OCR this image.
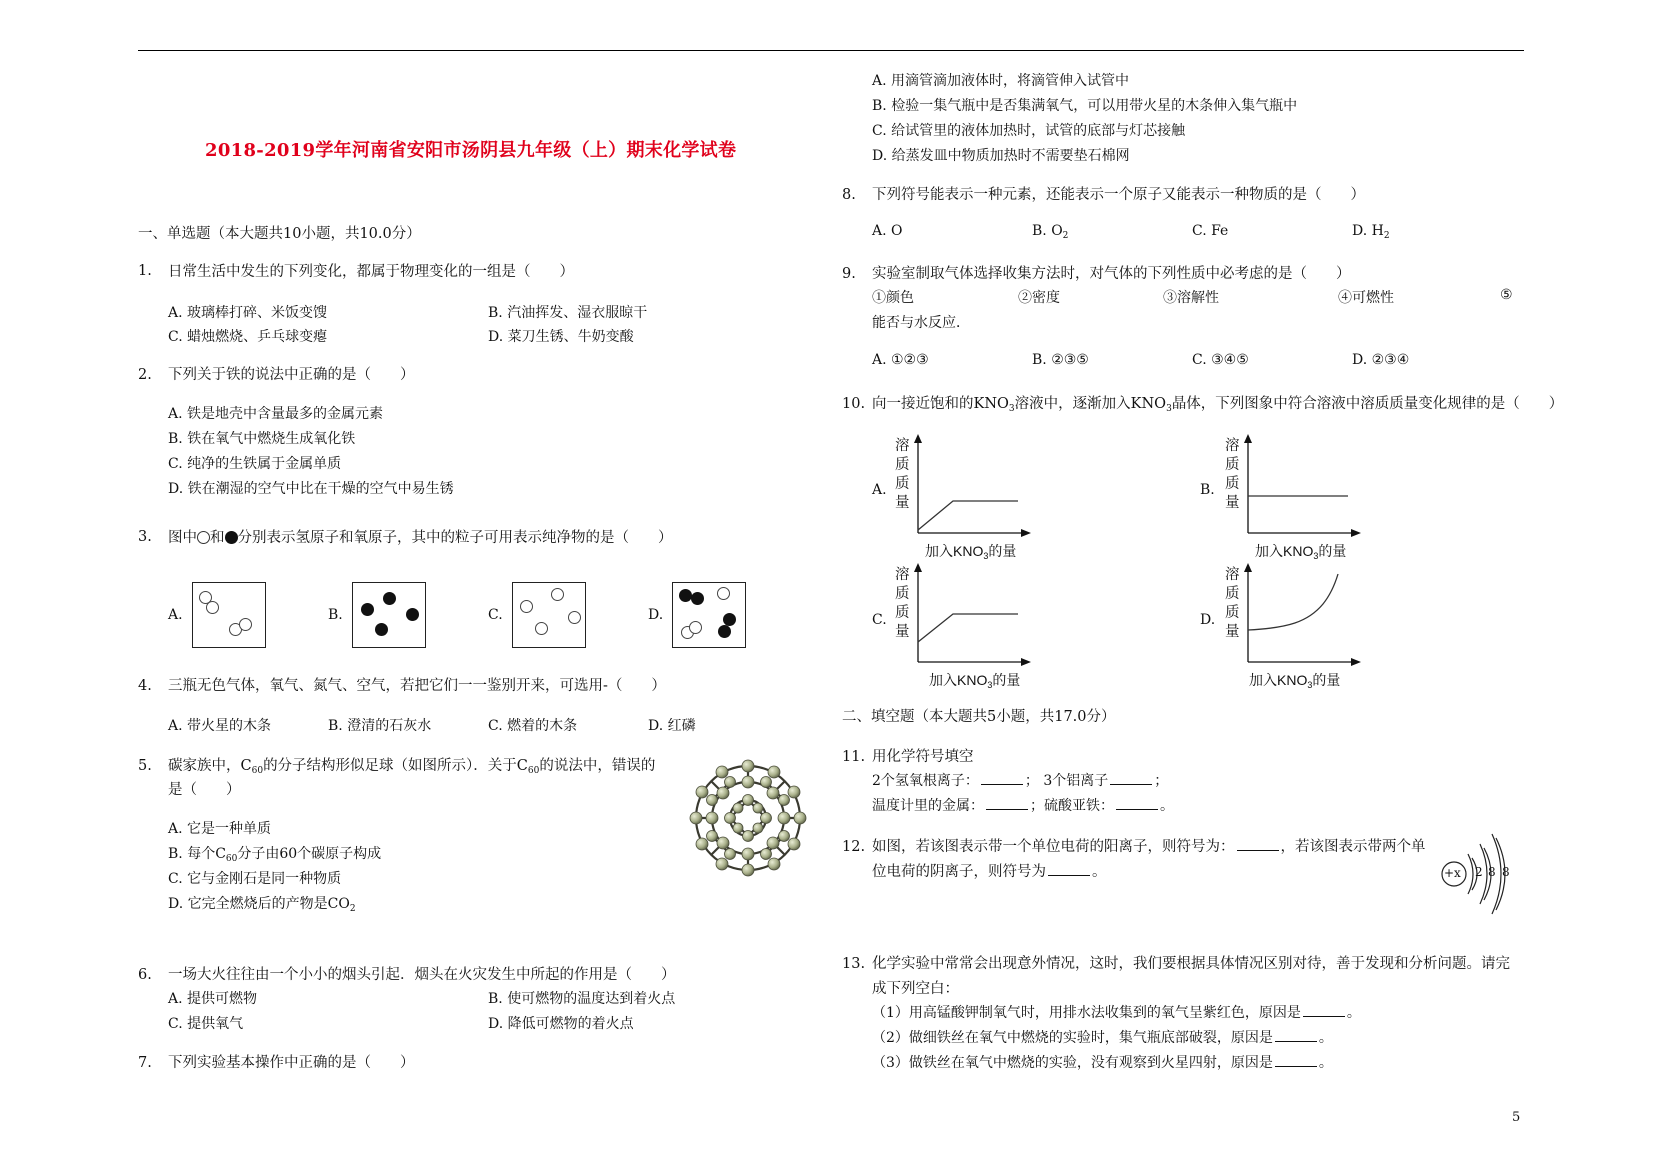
2018-2019学年河南省安阳市汤阴县九年级（上）期末化学试卷
一、单选题（本大题共10小题，共10.0分）
1. 日常生活中发生的下列变化，都属于物理变化的一组是（　　）
A. 玻璃棒打碎、米饭变馊	B. 汽油挥发、湿衣服晾干
C. 蜡烛燃烧、乒乓球变瘪	D. 菜刀生锈、牛奶变酸
2. 下列关于铁的说法中正确的是（　　）
A. 铁是地壳中含量最多的金属元素
B. 铁在氧气中燃烧生成氧化铁
C. 纯净的生铁属于金属单质
D. 铁在潮湿的空气中比在干燥的空气中易生锈
3. 图中 和 分别表示氢原子和氧原子，其中的粒子可用表示纯净物的是（　　）
A.	B.	C.	D.
4. 三瓶无色气体，氧气、氮气、空气，若把它们一一鉴别开来，可选用-（　　）
A. 带火星的木条	B. 澄清的石灰水	C. 燃着的木条	D. 红磷
5. 碳家族中，$C_{60}$的分子结构形似足球（如图所示）．关于$C_{60}$的说法中，错误的
是（　　）
A. 它是一种单质
B. 每个$C_{60}$分子由60个碳原子构成
C. 它与金刚石是同一种物质
D. 它完全燃烧后的产物是$CO_2$
6. 一场大火往往由一个小小的烟头引起．烟头在火灾发生中所起的作用是（　　）
A. 提供可燃物	B. 使可燃物的温度达到着火点
C. 提供氧气	D. 降低可燃物的着火点
7. 下列实验基本操作中正确的是（　　）
A. 用滴管滴加液体时，将滴管伸入试管中
B. 检验一集气瓶中是否集满氧气，可以用带火星的木条伸入集气瓶中
C. 给试管里的液体加热时，试管的底部与灯芯接触
D. 给蒸发皿中物质加热时不需要垫石棉网
8. 下列符号能表示一种元素，还能表示一个原子又能表示一种物质的是（　　）
A. O	B. $O_2$	C. Fe	D. $H_2$
9. 实验室制取气体选择收集方法时，对气体的下列性质中必考虑的是（　　）
①颜色	②密度	③溶解性	④可燃性	⑤
能否与水反应．
A. ①②③	B. ②③⑤	C. ③④⑤	D. ②③④
10. 向一接近饱和的$KNO_3$溶液中，逐渐加入$KNO_3$晶体，下列图象中符合溶液中溶质质量变化规律的是（　　）
A.
溶
质
质
量
加入$KNO_3$的量
B.
溶
质
质
量
加入$KNO_3$的量
C.
溶
质
质
量
加入$KNO_3$的量
D.
溶
质
质
量
加入$KNO_3$的量
二、填空题（本大题共5小题，共17.0分）
11. 用化学符号填空
2个氢氧根离子：	； 3个铝离子	；
温度计里的金属：	；硫酸亚铁：	。
12. 如图，若该图表示带一个单位电荷的阳离子，则符号为：	，若该图表示带两个单
位电荷的阴离子，则符号为	。	+x 2 8 8
13. 化学实验中常常会出现意外情况，这时，我们要根据具体情况区别对待，善于发现和分析问题。请完
成下列空白：
（1）用高锰酸钾制氧气时，用排水法收集到的氧气呈紫红色，原因是	。
（2）做细铁丝在氧气中燃烧的实验时，集气瓶底部破裂，原因是	。
（3）做铁丝在氧气中燃烧的实验，没有观察到火星四射，原因是	。
5
